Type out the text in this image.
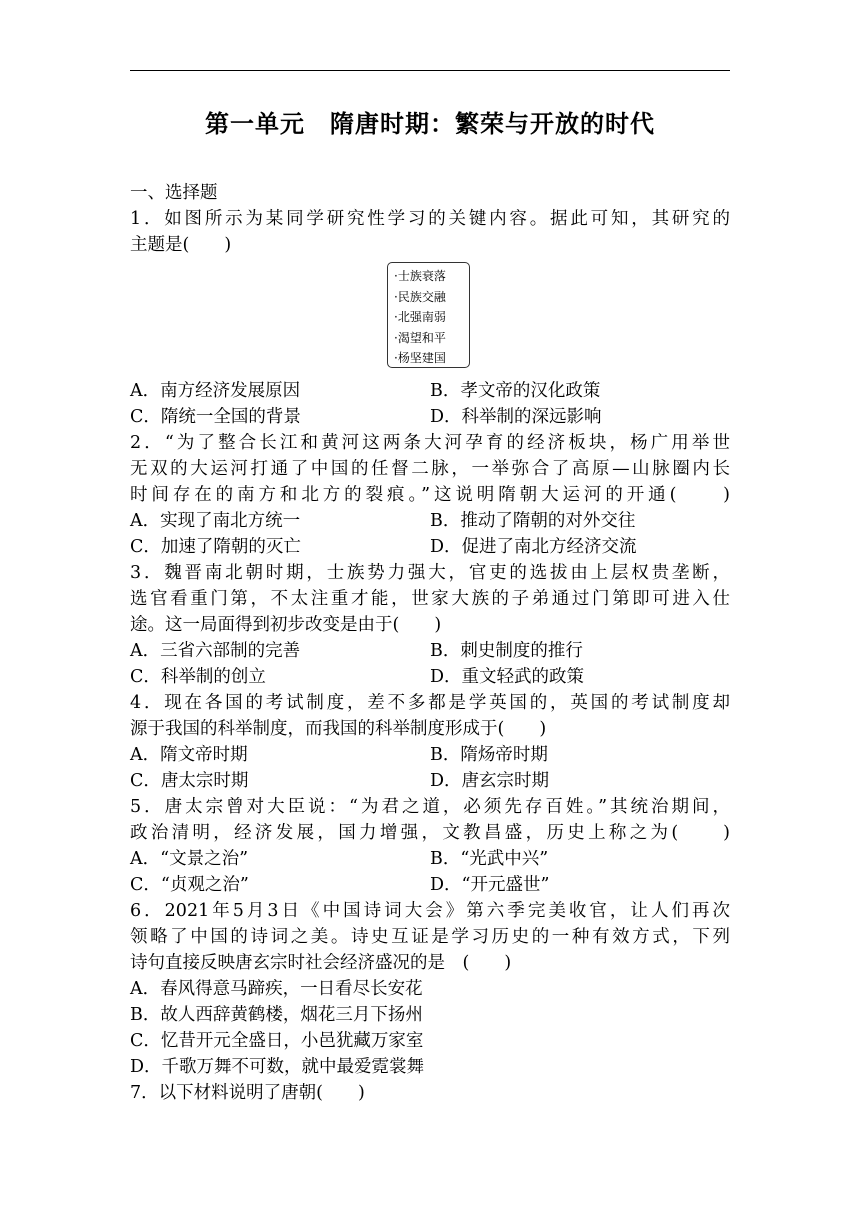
第一单元　隋唐时期：繁荣与开放的时代
一、选择题
1．如图所示为某同学研究性学习的关键内容。据此可知，其研究的
主题是(　　)
·士族衰落
·民族交融
·北强南弱
·渴望和平
·杨坚建国
A．南方经济发展原因	B．孝文帝的汉化政策
C．隋统一全国的背景	D．科举制的深远影响
2．“为了整合长江和黄河这两条大河孕育的经济板块，杨广用举世
无双的大运河打通了中国的任督二脉，一举弥合了高原—山脉圈内长
时间存在的南方和北方的裂痕。”这说明隋朝大运河的开通(　　)
A．实现了南北方统一	B．推动了隋朝的对外交往
C．加速了隋朝的灭亡	D．促进了南北方经济交流
3．魏晋南北朝时期，士族势力强大，官吏的选拔由上层权贵垄断，
选官看重门第，不太注重才能，世家大族的子弟通过门第即可进入仕
途。这一局面得到初步改变是由于(　　)
A．三省六部制的完善	B．刺史制度的推行
C．科举制的创立	D．重文轻武的政策
4．现在各国的考试制度，差不多都是学英国的，英国的考试制度却
源于我国的科举制度，而我国的科举制度形成于(　　)
A．隋文帝时期	B．隋炀帝时期
C．唐太宗时期	D．唐玄宗时期
5．唐太宗曾对大臣说：“为君之道，必须先存百姓。”其统治期间，
政治清明，经济发展，国力增强，文教昌盛，历史上称之为(　　)
A．“文景之治”	B．“光武中兴”
C．“贞观之治”	D．“开元盛世”
6．2021年5月3日《中国诗词大会》第六季完美收官，让人们再次
领略了中国的诗词之美。诗史互证是学习历史的一种有效方式，下列
诗句直接反映唐玄宗时社会经济盛况的是　(　　)
A．春风得意马蹄疾，一日看尽长安花
B．故人西辞黄鹤楼，烟花三月下扬州
C．忆昔开元全盛日，小邑犹藏万家室
D．千歌万舞不可数，就中最爱霓裳舞
7．以下材料说明了唐朝(　　)
